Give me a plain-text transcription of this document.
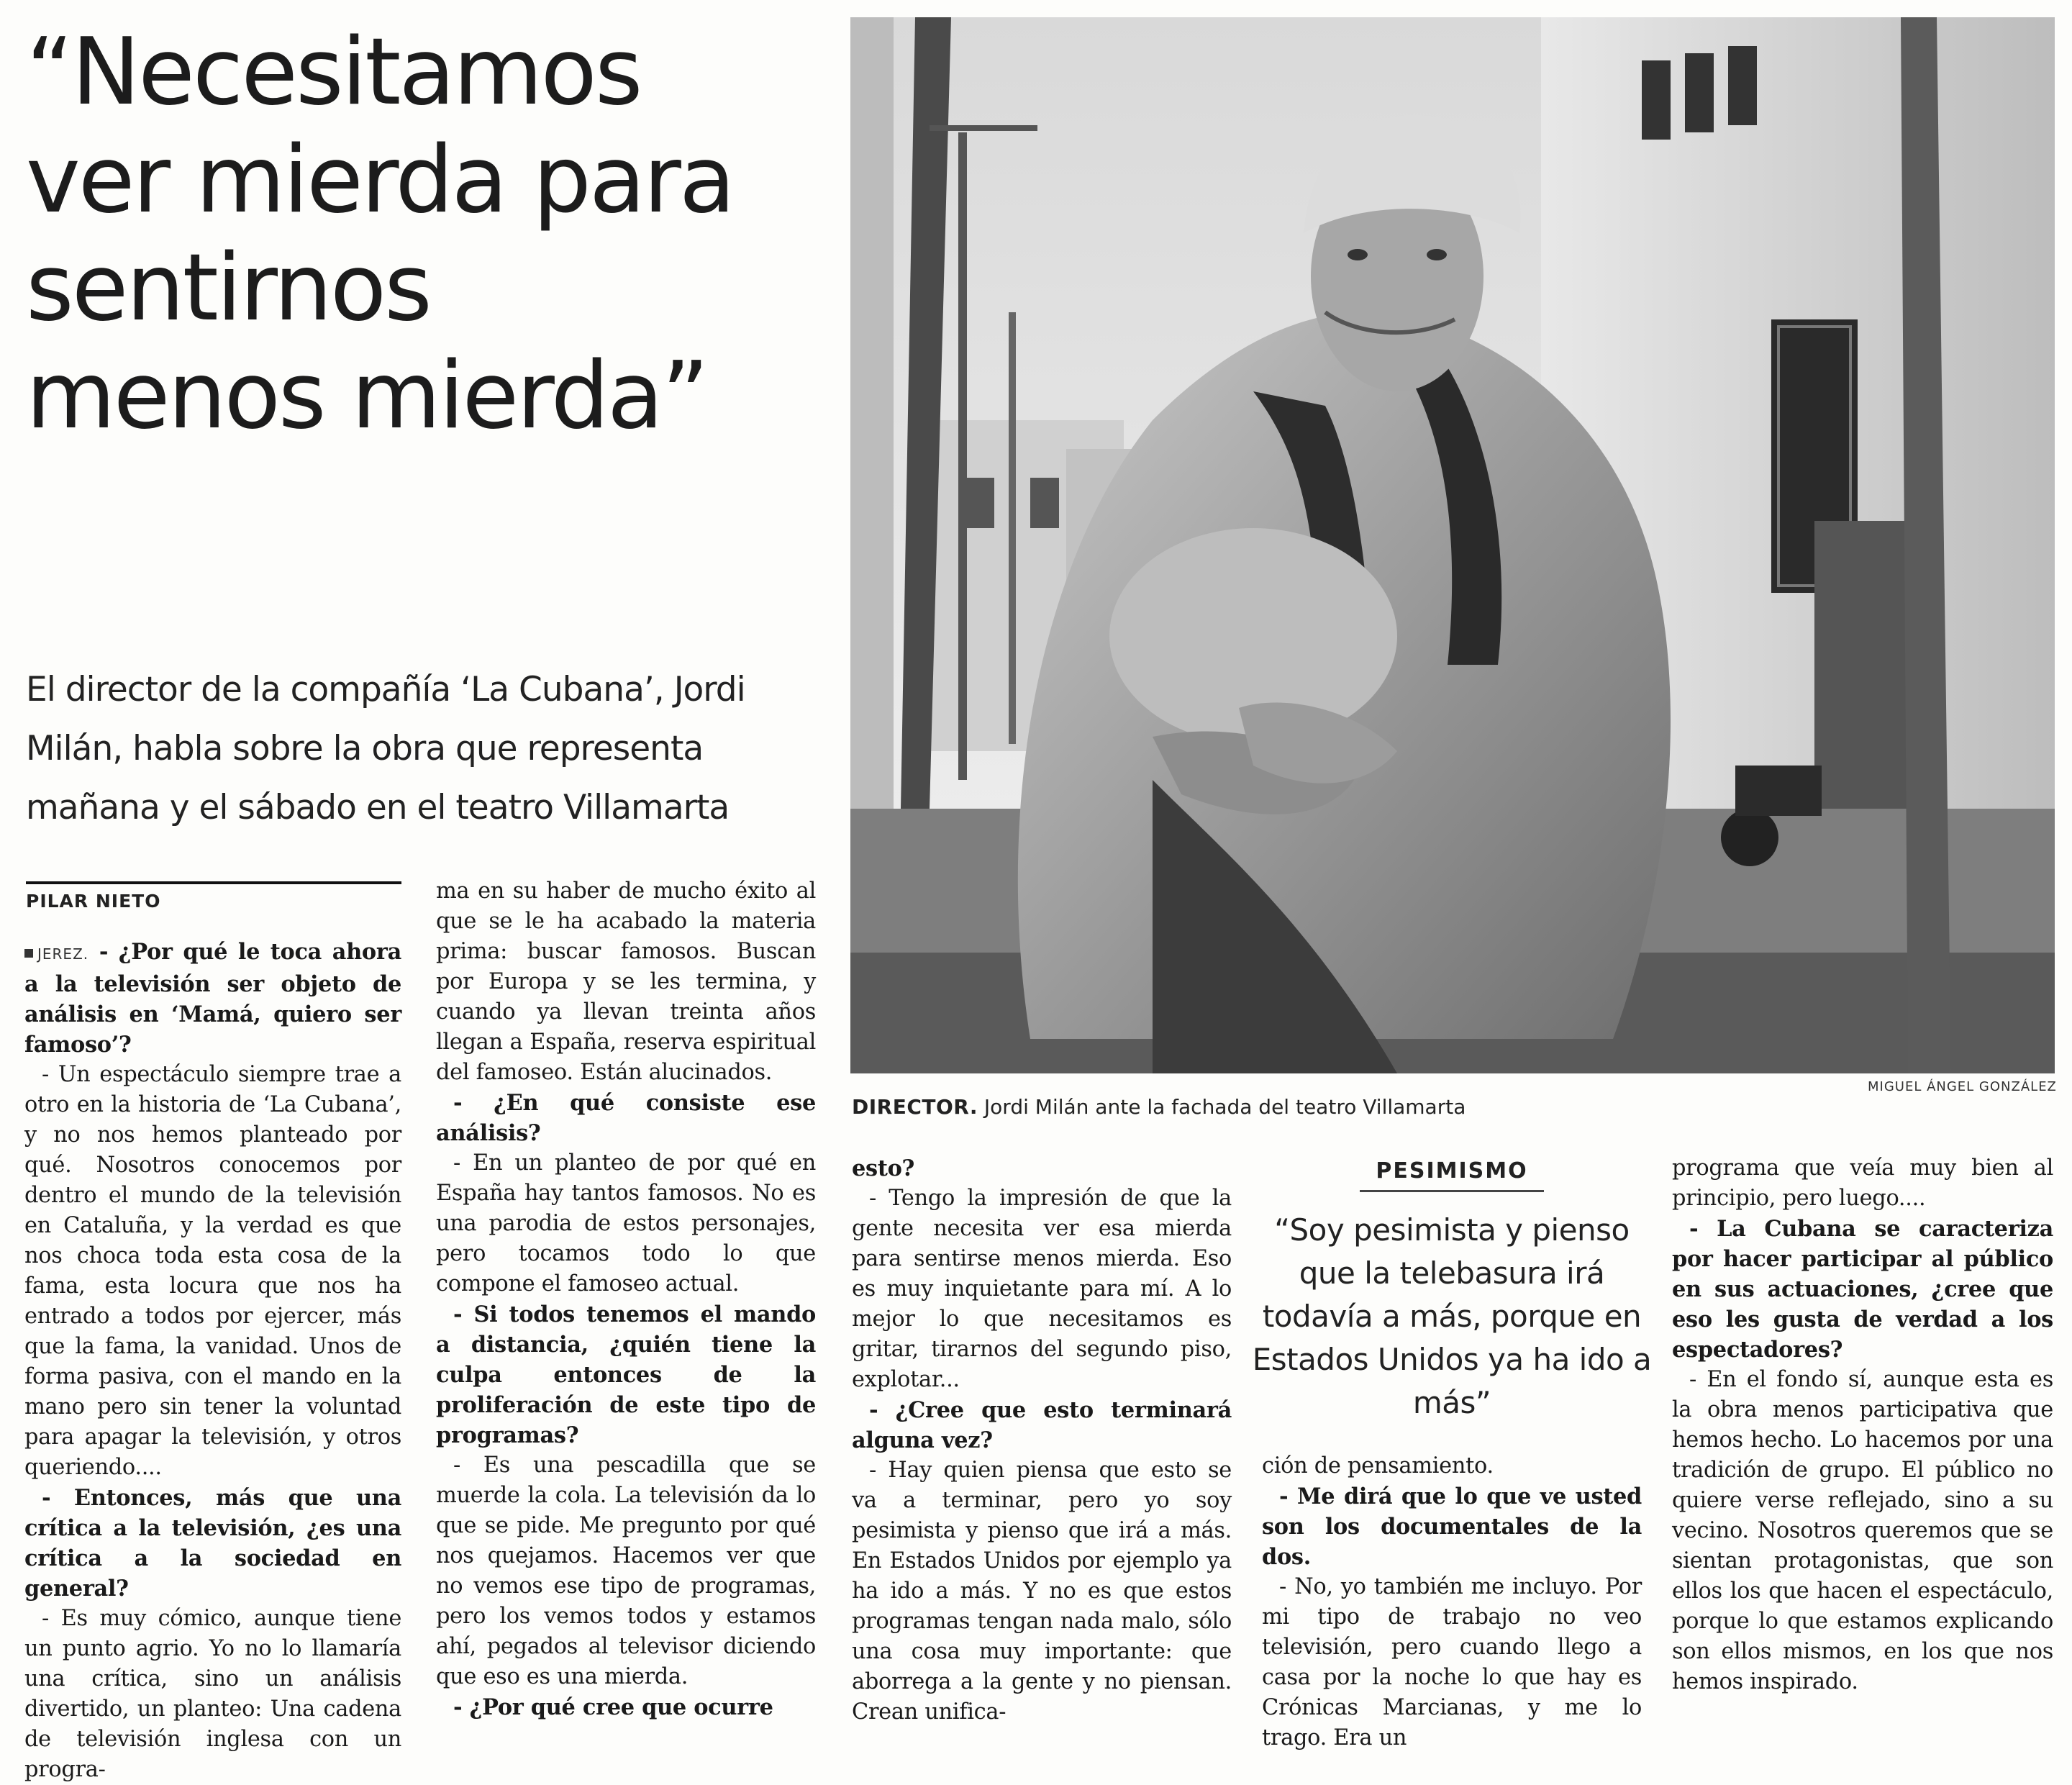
“Necesitamos
ver mierda para
sentirnos
menos mierda”
El director de la compañía ‘La Cubana’, Jordi Milán, habla sobre la obra que representa mañana y el sábado en el teatro Villamarta
PILAR NIETO

JEREZ. - ¿Por qué le toca ahora a la televisión ser objeto de análisis en ‘Mamá, quiero ser famoso’?

- Un espectáculo siempre trae a otro en la historia de ‘La Cubana’, y no nos hemos planteado por qué. Nosotros conocemos por dentro el mundo de la televisión en Cataluña, y la verdad es que nos choca toda esta cosa de la fama, esta locura que nos ha entrado a todos por ejercer, más que la fama, la vanidad. Unos de forma pasiva, con el mando en la mano pero sin tener la voluntad para apagar la televisión, y otros queriendo....

- Entonces, más que una crítica a la televisión, ¿es una crítica a la sociedad en general?

- Es muy cómico, aunque tiene un punto agrio. Yo no lo llamaría una crítica, sino un análisis divertido, un planteo: Una cadena de televisión inglesa con un progra-

ma en su haber de mucho éxito al que se le ha acabado la materia prima: buscar famosos. Buscan por Europa y se les termina, y cuando ya llevan treinta años llegan a España, reserva espiritual del famoseo. Están alucinados.

- ¿En qué consiste ese análisis?

- En un planteo de por qué en España hay tantos famosos. No es una parodia de estos personajes, pero tocamos todo lo que compone el famoseo actual.

- Si todos tenemos el mando a distancia, ¿quién tiene la culpa entonces de la proliferación de este tipo de programas?

- Es una pescadilla que se muerde la cola. La televisión da lo que se pide. Me pregunto por qué nos quejamos. Hacemos ver que no vemos ese tipo de programas, pero los vemos todos y estamos ahí, pegados al televisor diciendo que eso es una mierda.

- ¿Por qué cree que ocurre

MIGUEL ÁNGEL GONZÁLEZ
DIRECTOR. Jordi Milán ante la fachada del teatro Villamarta

esto?

- Tengo la impresión de que la gente necesita ver esa mierda para sentirse menos mierda. Eso es muy inquietante para mí. A lo mejor lo que necesitamos es gritar, tirarnos del segundo piso, explotar...

- ¿Cree que esto terminará alguna vez?

- Hay quien piensa que esto se va a terminar, pero yo soy pesimista y pienso que irá a más. En Estados Unidos por ejemplo ya ha ido a más. Y no es que estos programas tengan nada malo, sólo una cosa muy importante: que aborrega a la gente y no piensan. Crean unifica-

PESIMISMO
“Soy pesimista y pienso que la telebasura irá todavía a más, porque en Estados Unidos ya ha ido a más”

ción de pensamiento.

- Me dirá que lo que ve usted son los documentales de la dos.

- No, yo también me incluyo. Por mi tipo de trabajo no veo televisión, pero cuando llego a casa por la noche lo que hay es Crónicas Marcianas, y me lo trago. Era un

programa que veía muy bien al principio, pero luego....

- La Cubana se caracteriza por hacer participar al público en sus actuaciones, ¿cree que eso les gusta de verdad a los espectadores?

- En el fondo sí, aunque esta es la obra menos participativa que hemos hecho. Lo hacemos por una tradición de grupo. El público no quiere verse reflejado, sino a su vecino. Nosotros queremos que se sientan protagonistas, que son ellos los que hacen el espectáculo, porque lo que estamos explicando son ellos mismos, en los que nos hemos inspirado.
